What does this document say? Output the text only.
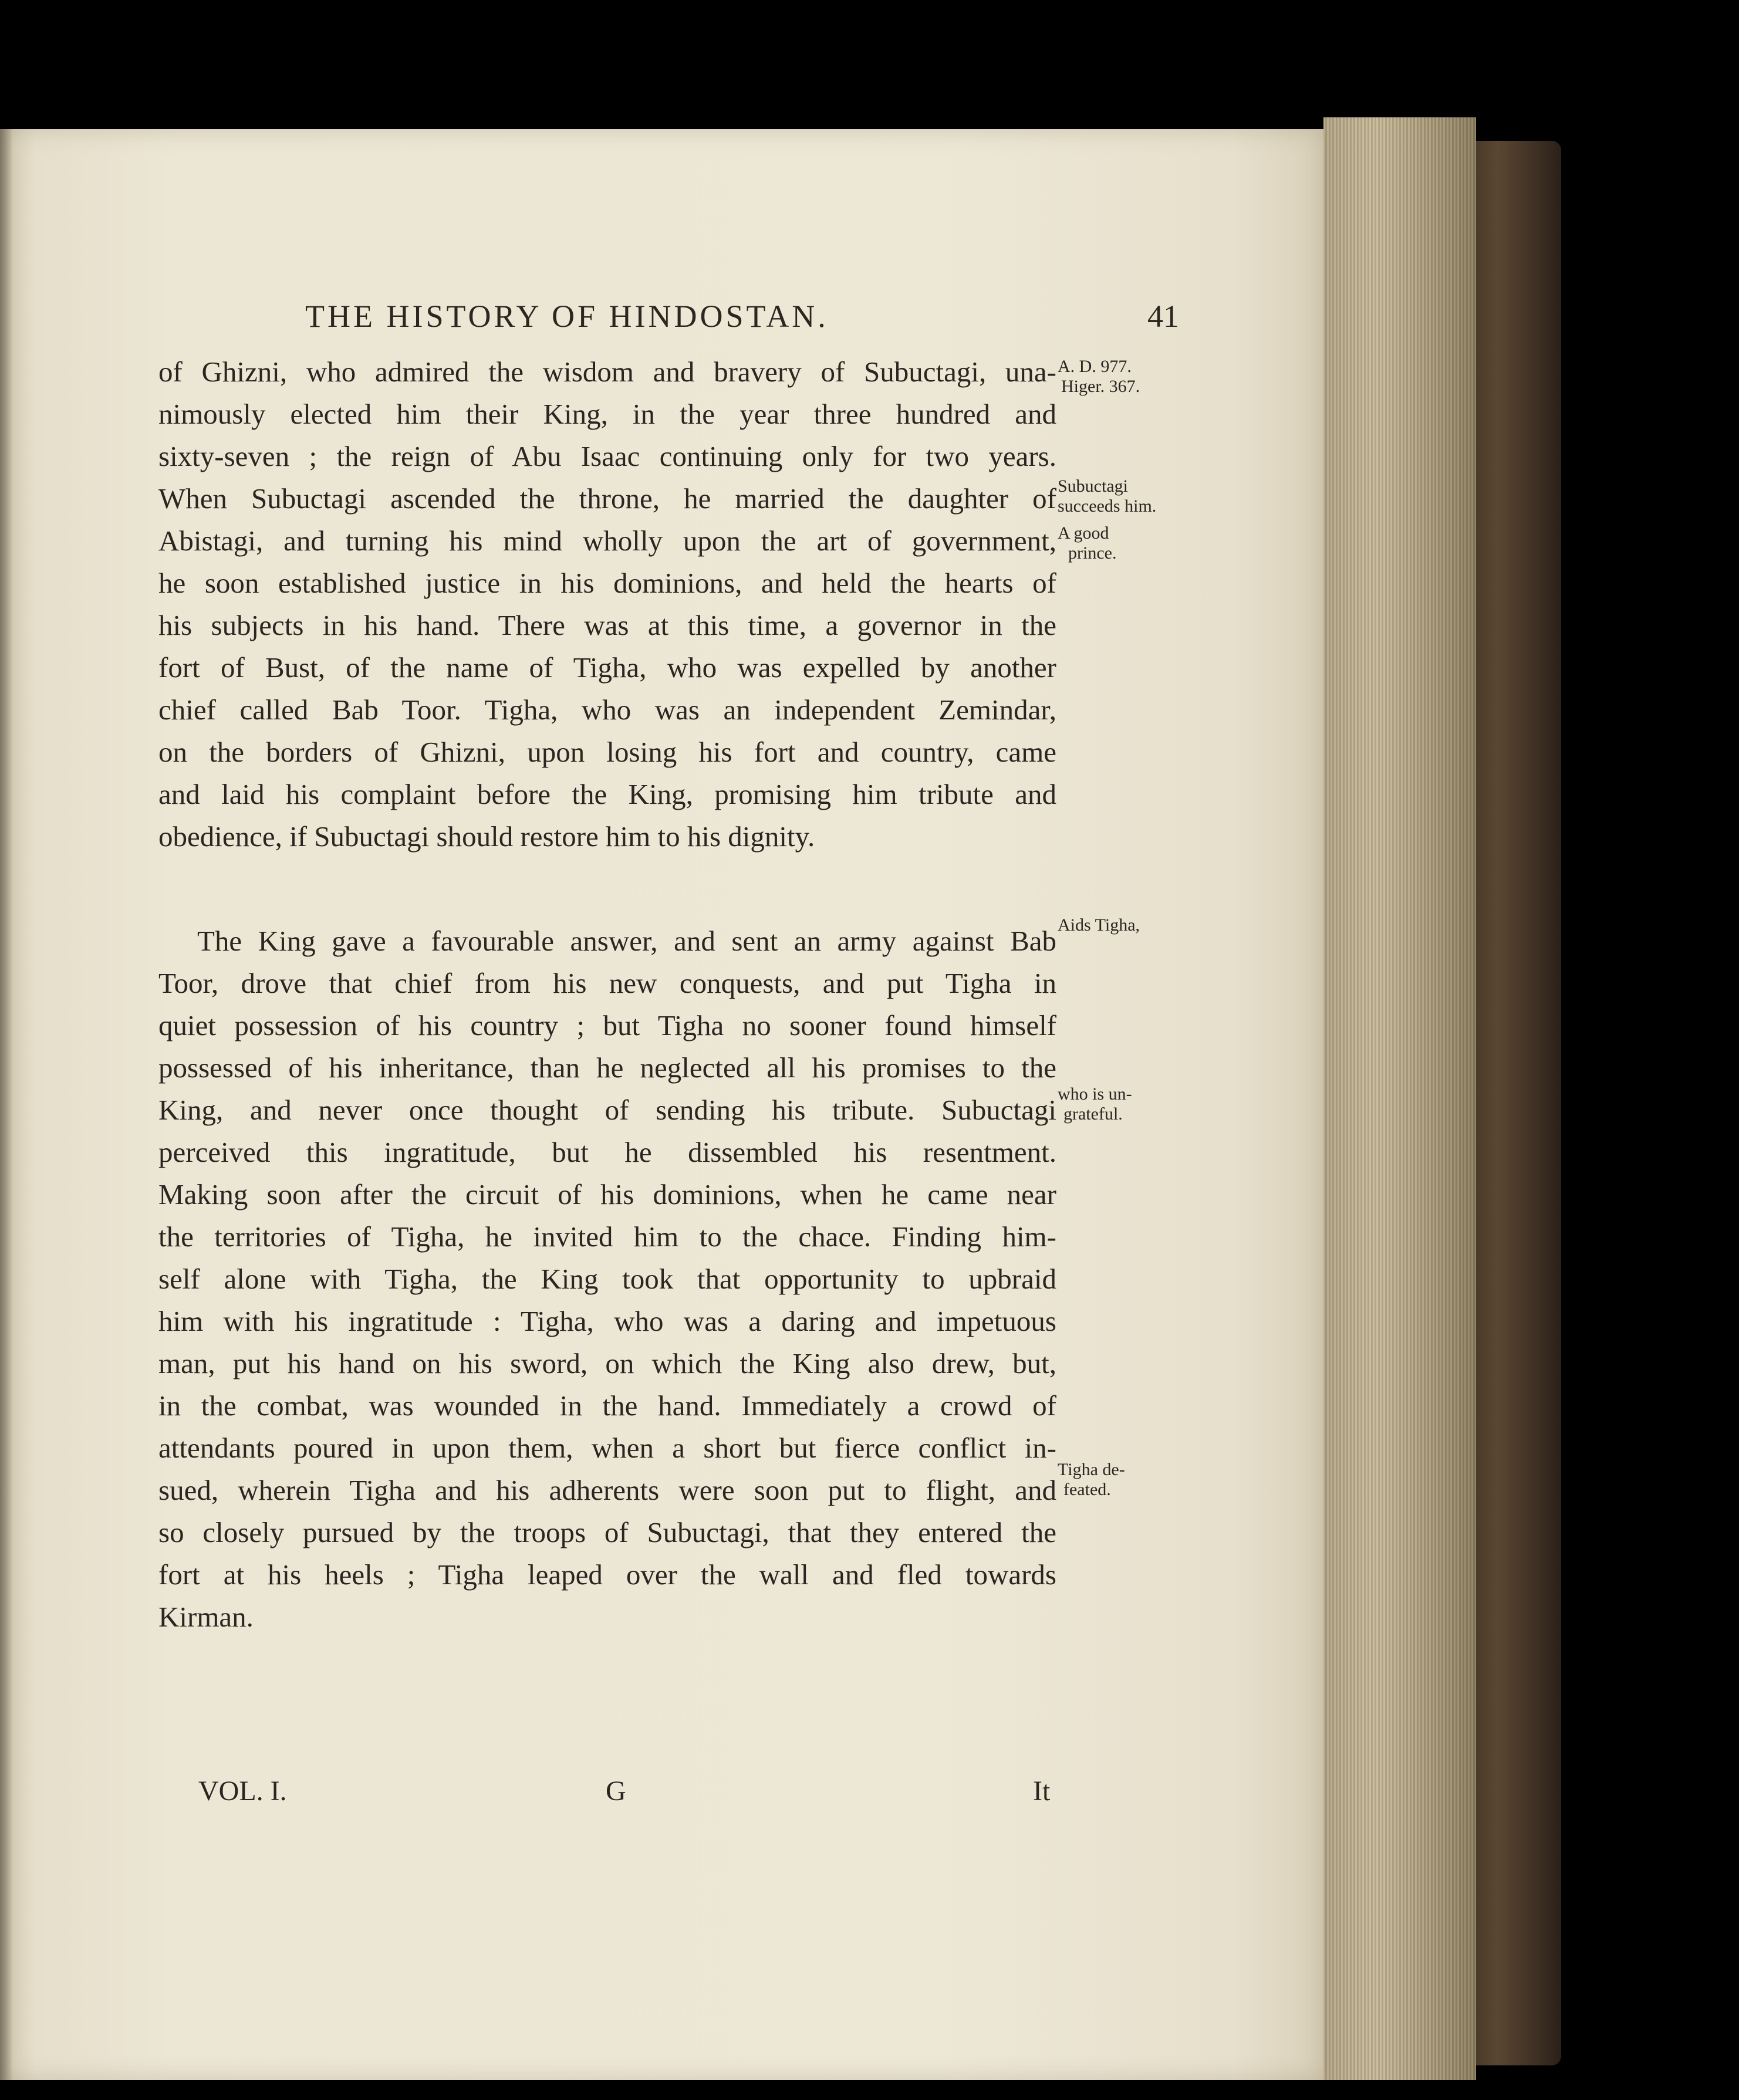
THE HISTORY OF HINDOSTAN.	41
of Ghizni, who admired the wisdom and bravery of Subuctagi, una-
nimously elected him their King, in the year three hundred and
sixty-seven ; the reign of Abu Isaac continuing only for two years.
When Subuctagi ascended the throne, he married the daughter of
Abistagi, and turning his mind wholly upon the art of government,
he soon established justice in his dominions, and held the hearts of
his subjects in his hand. There was at this time, a governor in the
fort of Bust, of the name of Tigha, who was expelled by another
chief called Bab Toor. Tigha, who was an independent Zemindar,
on the borders of Ghizni, upon losing his fort and country, came
and laid his complaint before the King, promising him tribute and
obedience, if Subuctagi should restore him to his dignity.
The King gave a favourable answer, and sent an army against Bab
Toor, drove that chief from his new conquests, and put Tigha in
quiet possession of his country ; but Tigha no sooner found himself
possessed of his inheritance, than he neglected all his promises to the
King, and never once thought of sending his tribute. Subuctagi
perceived this ingratitude, but he dissembled his resentment.
Making soon after the circuit of his dominions, when he came near
the territories of Tigha, he invited him to the chace. Finding him-
self alone with Tigha, the King took that opportunity to upbraid
him with his ingratitude : Tigha, who was a daring and impetuous
man, put his hand on his sword, on which the King also drew, but,
in the combat, was wounded in the hand. Immediately a crowd of
attendants poured in upon them, when a short but fierce conflict in-
sued, wherein Tigha and his adherents were soon put to flight, and
so closely pursued by the troops of Subuctagi, that they entered the
fort at his heels ; Tigha leaped over the wall and fled towards
Kirman.
A. D. 977.
Higer. 367.
Subuctagi
succeeds him.
A good
prince.
Aids Tigha,
who is un-
grateful.
Tigha de-
feated.
VOL. I.	G	It
